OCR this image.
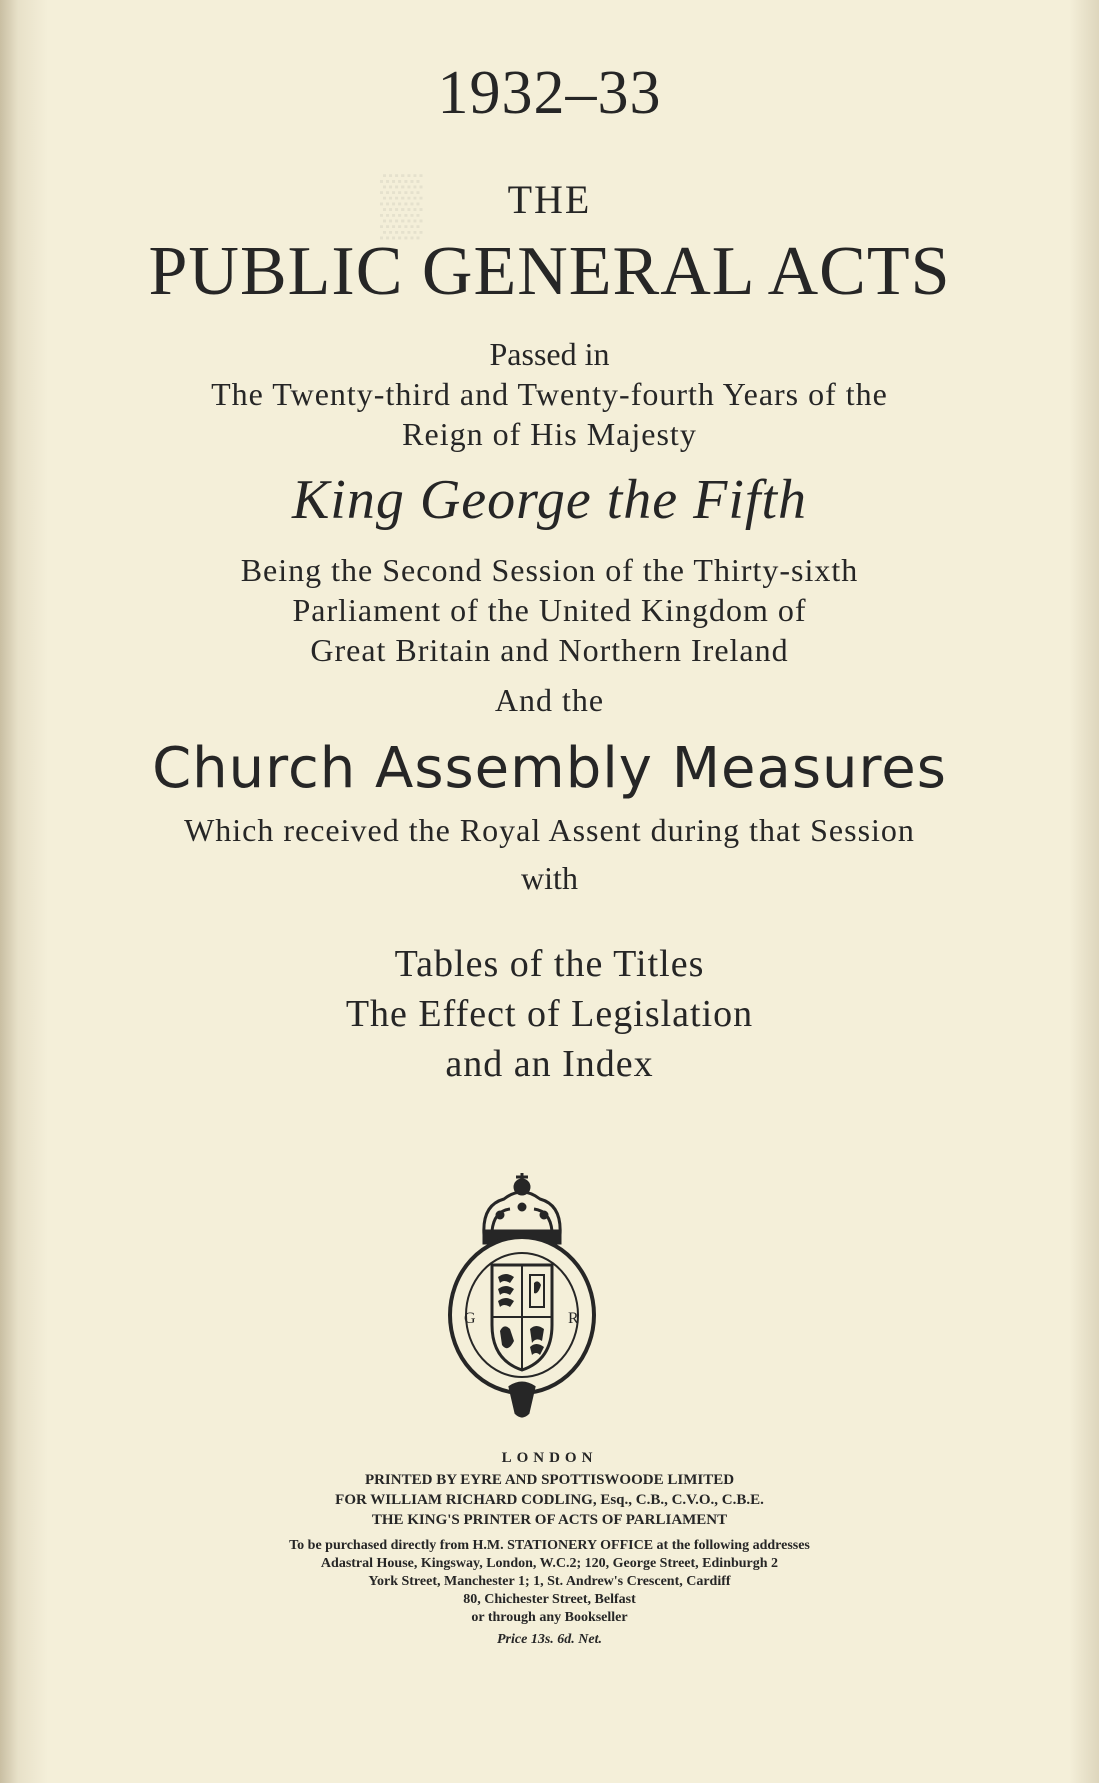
▒
1932–33
THE
PUBLIC GENERAL ACTS
Passed in
The Twenty-third and Twenty-fourth Years of the
Reign of His Majesty
King George the Fifth
Being the Second Session of the Thirty-sixth
Parliament of the United Kingdom of
Great Britain and Northern Ireland
And the
Church Assembly Measures
Which received the Royal Assent during that Session
with
Tables of the Titles
The Effect of Legislation
and an Index
G	R
LONDON
PRINTED BY EYRE AND SPOTTISWOODE LIMITED
FOR WILLIAM RICHARD CODLING, Esq., C.B., C.V.O., C.B.E.
THE KING'S PRINTER OF ACTS OF PARLIAMENT
To be purchased directly from H.M. STATIONERY OFFICE at the following addresses
Adastral House, Kingsway, London, W.C.2; 120, George Street, Edinburgh 2
York Street, Manchester 1; 1, St. Andrew's Crescent, Cardiff
80, Chichester Street, Belfast
or through any Bookseller
Price 13s. 6d. Net.
